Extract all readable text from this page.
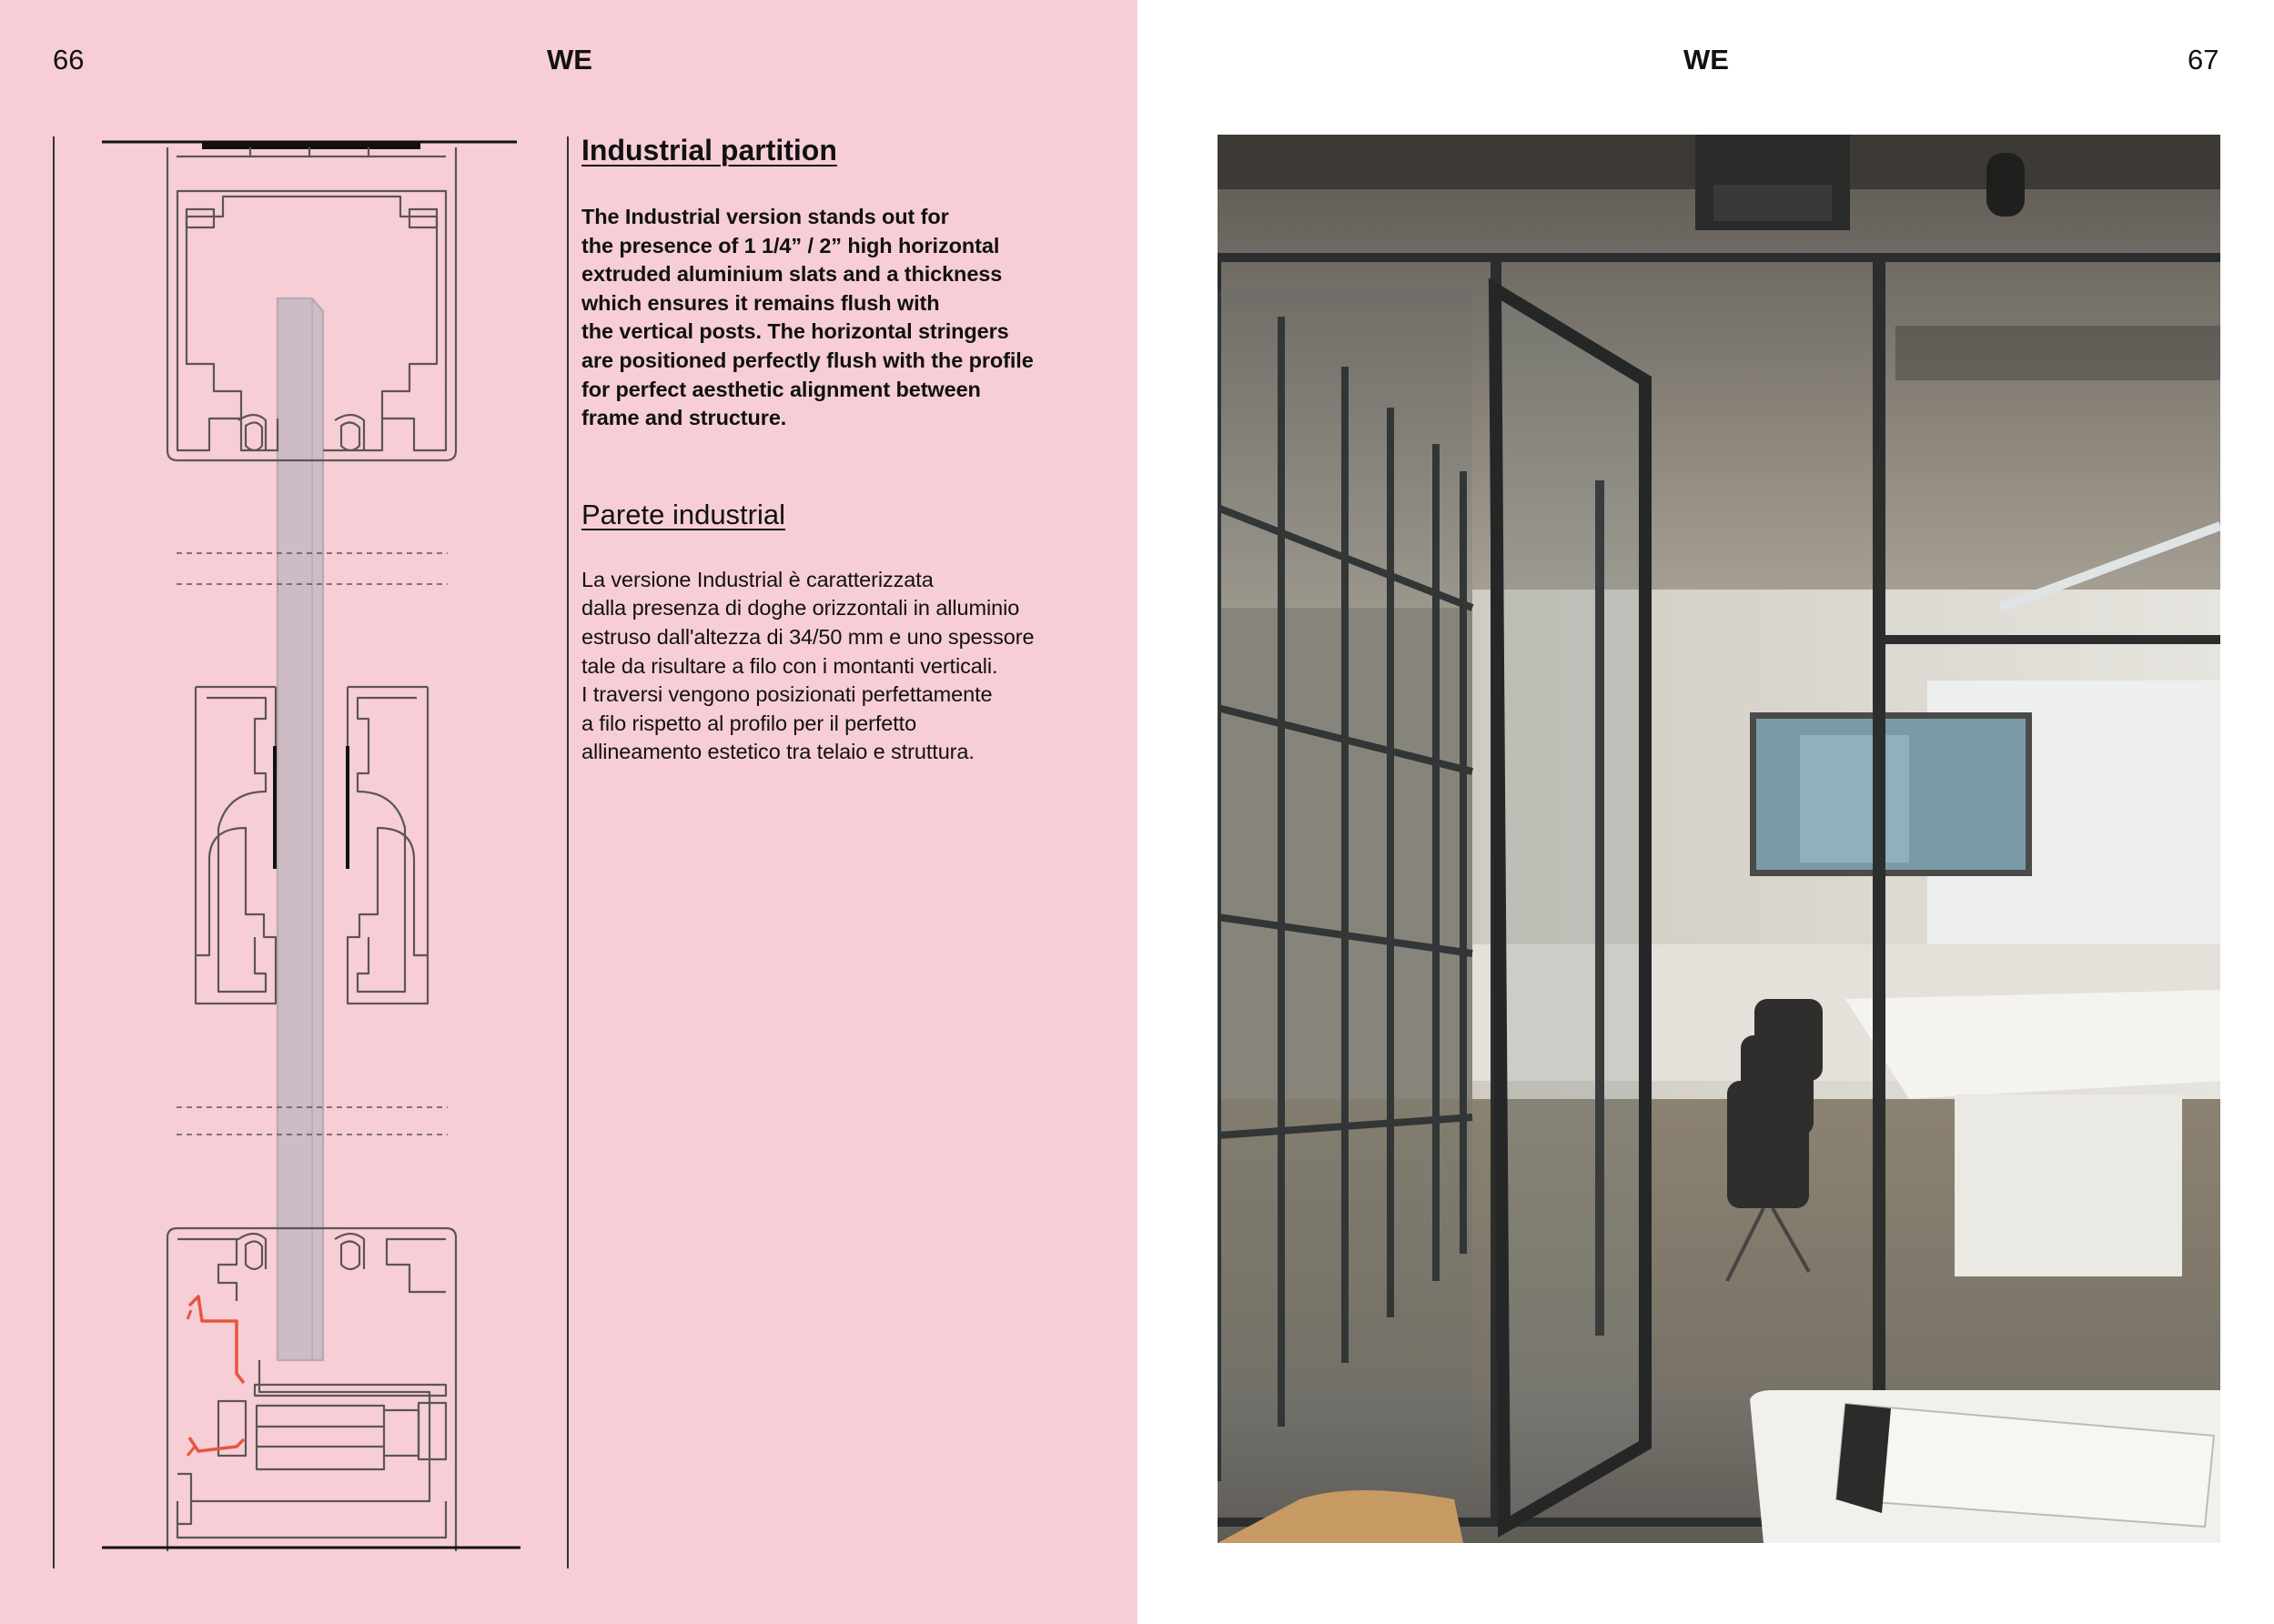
66	WE
Industrial partition

The Industrial version stands out for
the presence of 1 1/4” / 2” high horizontal
extruded aluminium slats and a thickness
which ensures it remains flush with
the vertical posts. The horizontal stringers
are positioned perfectly flush with the profile
for perfect aesthetic alignment between
frame and structure.

Parete industrial

La versione Industrial è caratterizzata
dalla presenza di doghe orizzontali in alluminio
estruso dall'altezza di 34/50 mm e uno spessore
tale da risultare a filo con i montanti verticali.
I traversi vengono posizionati perfettamente
a filo rispetto al profilo per il perfetto
allineamento estetico tra telaio e struttura.

WE	67
